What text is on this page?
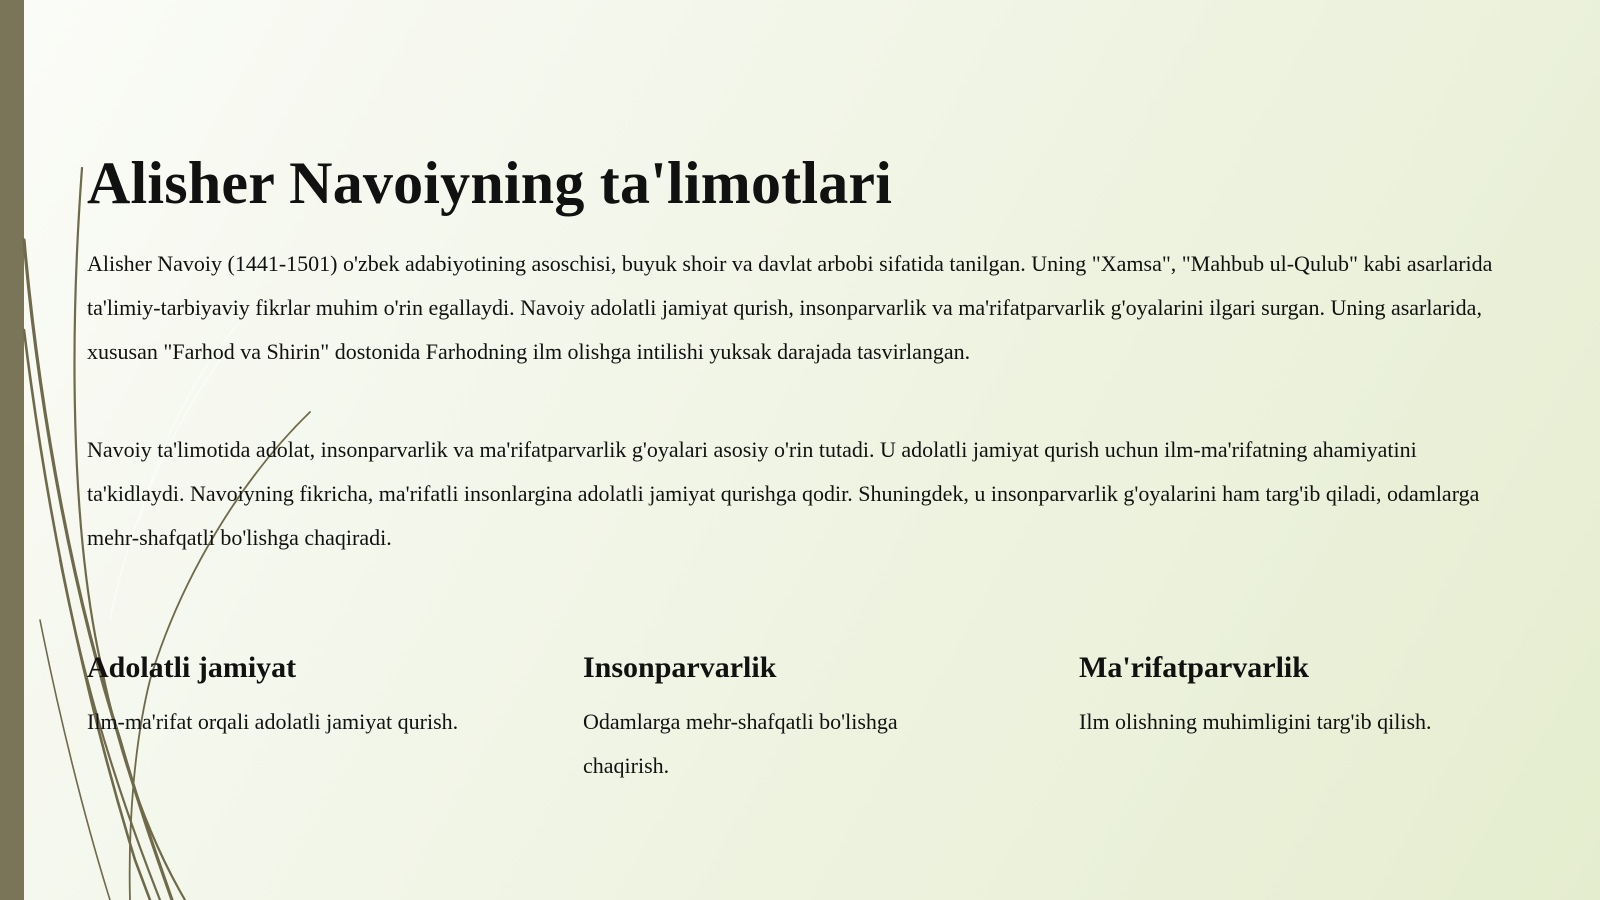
Alisher Navoiyning ta'limotlari

Alisher Navoiy (1441-1501) o'zbek adabiyotining asoschisi, buyuk shoir va davlat arbobi sifatida tanilgan. Uning "Xamsa", "Mahbub ul-Qulub" kabi asarlarida ta'limiy-tarbiyaviy fikrlar muhim o'rin egallaydi. Navoiy adolatli jamiyat qurish, insonparvarlik va ma'rifatparvarlik g'oyalarini ilgari surgan. Uning asarlarida, xususan "Farhod va Shirin" dostonida Farhodning ilm olishga intilishi yuksak darajada tasvirlangan.

Navoiy ta'limotida adolat, insonparvarlik va ma'rifatparvarlik g'oyalari asosiy o'rin tutadi. U adolatli jamiyat qurish uchun ilm-ma'rifatning ahamiyatini ta'kidlaydi. Navoiyning fikricha, ma'rifatli insonlargina adolatli jamiyat qurishga qodir. Shuningdek, u insonparvarlik g'oyalarini ham targ'ib qiladi, odamlarga mehr-shafqatli bo'lishga chaqiradi.

Adolatli jamiyat

Ilm-ma'rifat orqali adolatli jamiyat qurish.

Insonparvarlik

Odamlarga mehr-shafqatli bo'lishga chaqirish.

Ma'rifatparvarlik

Ilm olishning muhimligini targ'ib qilish.
